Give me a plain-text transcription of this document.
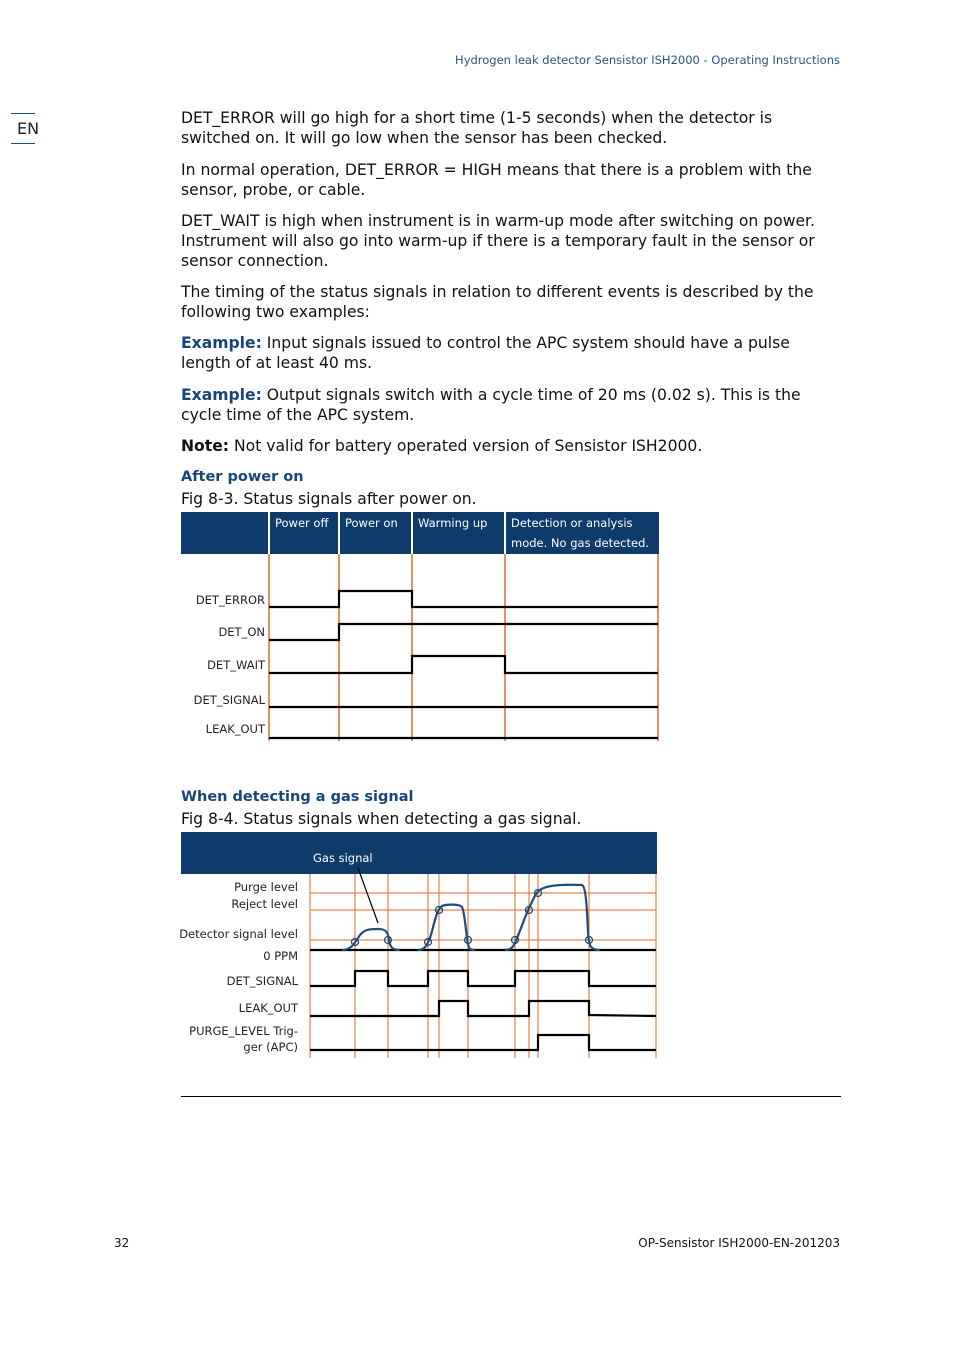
Hydrogen leak detector Sensistor ISH2000 - Operating Instructions
EN

DET_ERROR will go high for a short time (1-5 seconds) when the detector is switched on. It will go low when the sensor has been checked.

In normal operation, DET_ERROR = HIGH means that there is a problem with the sensor, probe, or cable.

DET_WAIT is high when instrument is in warm-up mode after switching on power. Instrument will also go into warm-up if there is a temporary fault in the sensor or sensor connection.

The timing of the status signals in relation to different events is described by the following two examples:

Example: Input signals issued to control the APC system should have a pulse length of at least 40 ms.

Example: Output signals switch with a cycle time of 20 ms (0.02 s). This is the cycle time of the APC system.

Note: Not valid for battery operated version of Sensistor ISH2000.

After power on
Fig 8-3. Status signals after power on.
Power off Power on Warming up Detection or analysis
mode. No gas detected.
DET_ERROR
DET_ON
DET_WAIT
DET_SIGNAL
LEAK_OUT
When detecting a gas signal
Fig 8-4. Status signals when detecting a gas signal.
Gas signal
Purge level
Reject level
Detector signal level
0 PPM
DET_SIGNAL
LEAK_OUT
PURGE_LEVEL Trig-
ger (APC)
32	OP-Sensistor ISH2000-EN-201203
